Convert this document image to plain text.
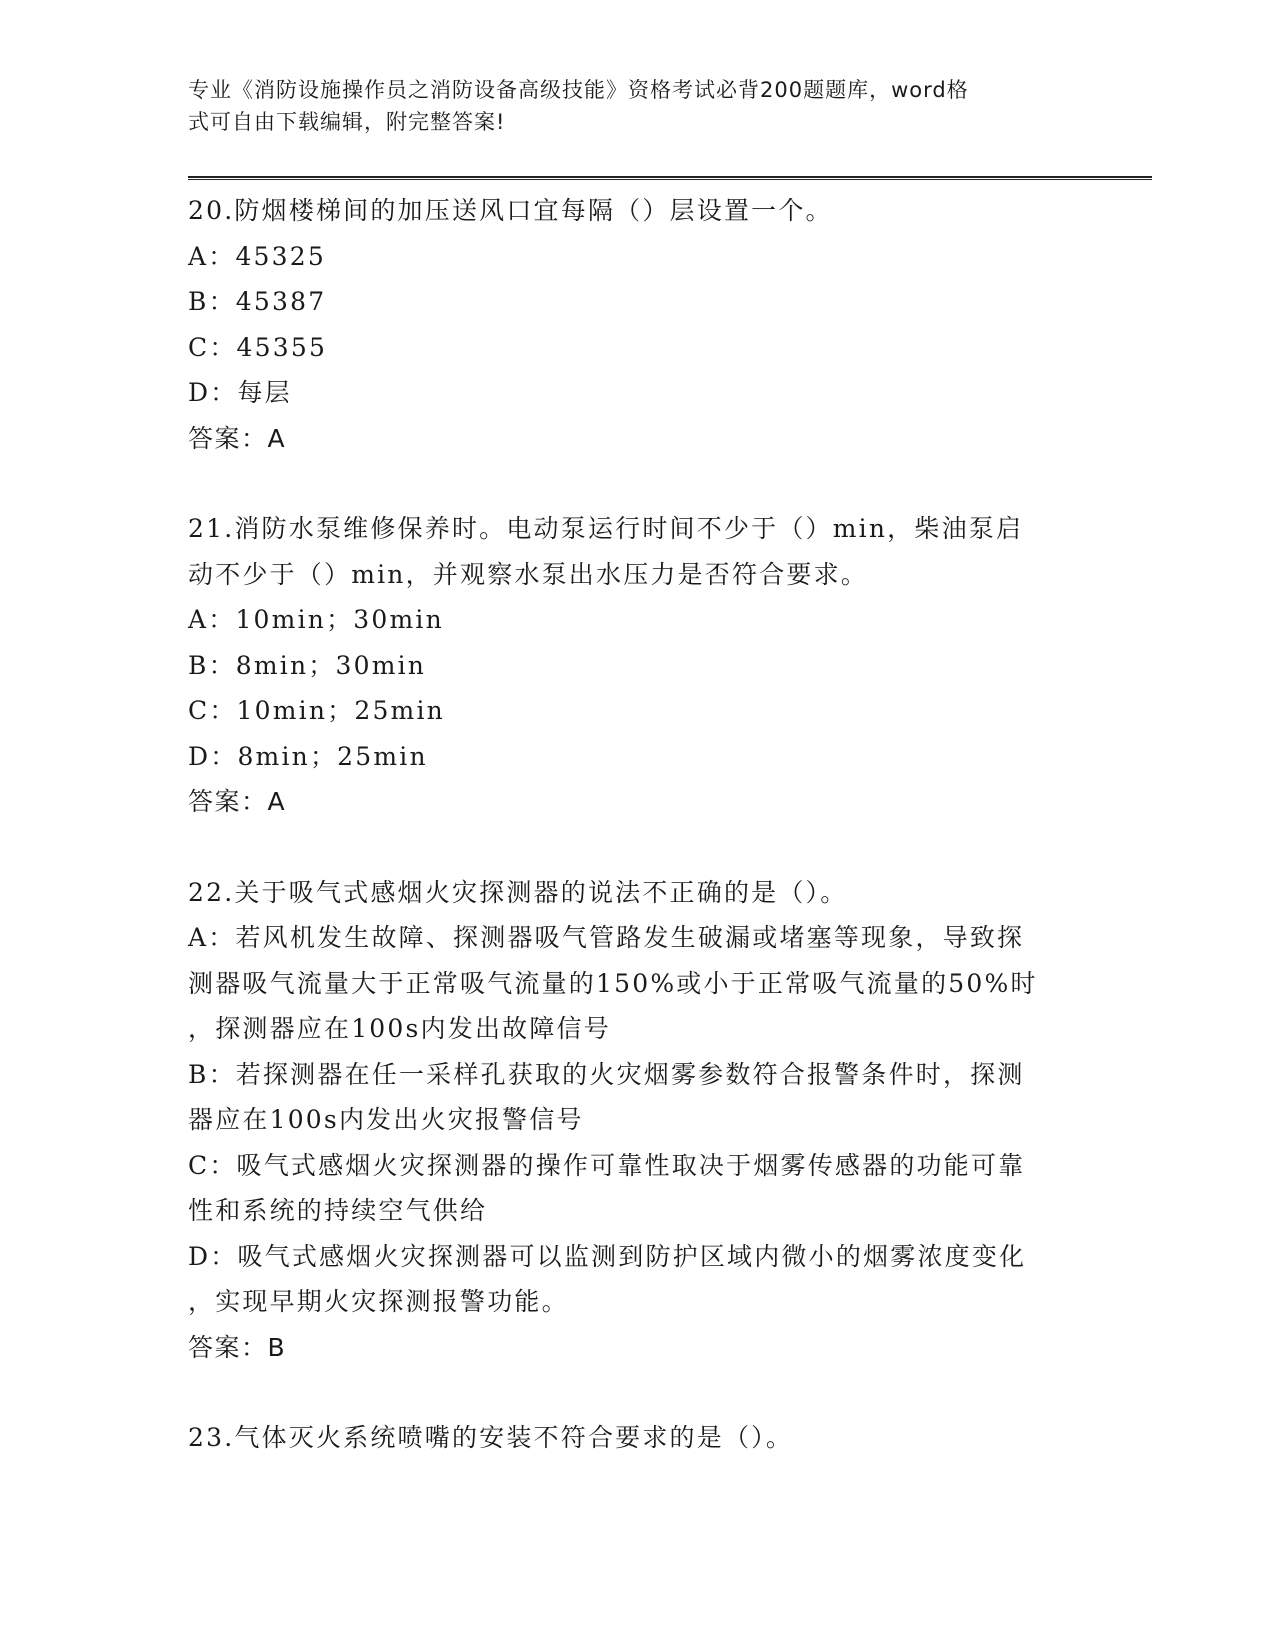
专业《消防设施操作员之消防设备高级技能》资格考试必背200题题库，word格
式可自由下载编辑，附完整答案!
20.防烟楼梯间的加压送风口宜每隔（）层设置一个。
A：45325
B：45387
C：45355
D：每层
答案：A
21.消防水泵维修保养时。电动泵运行时间不少于（）min，柴油泵启
动不少于（）min，并观察水泵出水压力是否符合要求。
A：10min；30min
B：8min；30min
C：10min；25min
D：8min；25min
答案：A
22.关于吸气式感烟火灾探测器的说法不正确的是（）。
A：若风机发生故障、探测器吸气管路发生破漏或堵塞等现象，导致探
测器吸气流量大于正常吸气流量的150%或小于正常吸气流量的50%时
，探测器应在100s内发出故障信号
B：若探测器在任一采样孔获取的火灾烟雾参数符合报警条件时，探测
器应在100s内发出火灾报警信号
C：吸气式感烟火灾探测器的操作可靠性取决于烟雾传感器的功能可靠
性和系统的持续空气供给
D：吸气式感烟火灾探测器可以监测到防护区域内微小的烟雾浓度变化
，实现早期火灾探测报警功能。
答案：B
23.气体灭火系统喷嘴的安装不符合要求的是（）。
